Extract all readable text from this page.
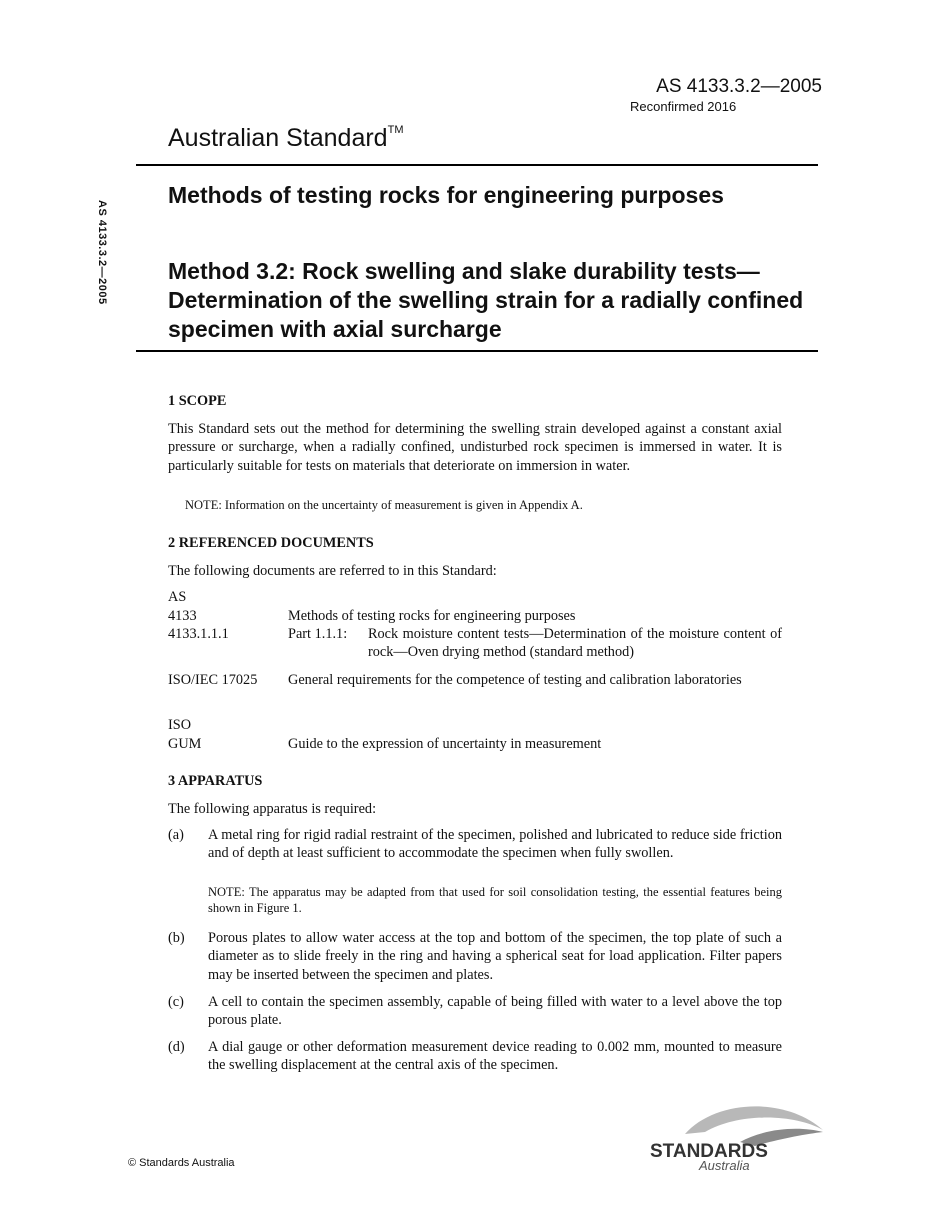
AS 4133.3.2—2005
Reconfirmed 2016
Australian Standard™
AS 4133.3.2—2005
Methods of testing rocks for engineering purposes
Method 3.2: Rock swelling and slake durability tests—Determination of the swelling strain for a radially confined specimen with axial surcharge
1 SCOPE
This Standard sets out the method for determining the swelling strain developed against a constant axial pressure or surcharge, when a radially confined, undisturbed rock specimen is immersed in water. It is particularly suitable for tests on materials that deteriorate on immersion in water.
NOTE: Information on the uncertainty of measurement is given in Appendix A.
2 REFERENCED DOCUMENTS
The following documents are referred to in this Standard:
AS
4133	Methods of testing rocks for engineering purposes
4133.1.1.1	Part 1.1.1: Rock moisture content tests—Determination of the moisture content of rock—Oven drying method (standard method)
ISO/IEC 17025 General requirements for the competence of testing and calibration laboratories
ISO
GUM	Guide to the expression of uncertainty in measurement
3 APPARATUS
The following apparatus is required:
(a) A metal ring for rigid radial restraint of the specimen, polished and lubricated to reduce side friction and of depth at least sufficient to accommodate the specimen when fully swollen.
NOTE: The apparatus may be adapted from that used for soil consolidation testing, the essential features being shown in Figure 1.
(b) Porous plates to allow water access at the top and bottom of the specimen, the top plate of such a diameter as to slide freely in the ring and having a spherical seat for load application. Filter papers may be inserted between the specimen and plates.
(c) A cell to contain the specimen assembly, capable of being filled with water to a level above the top porous plate.
(d) A dial gauge or other deformation measurement device reading to 0.002 mm, mounted to measure the swelling displacement at the central axis of the specimen.
© Standards Australia
STANDARDS
Australia
